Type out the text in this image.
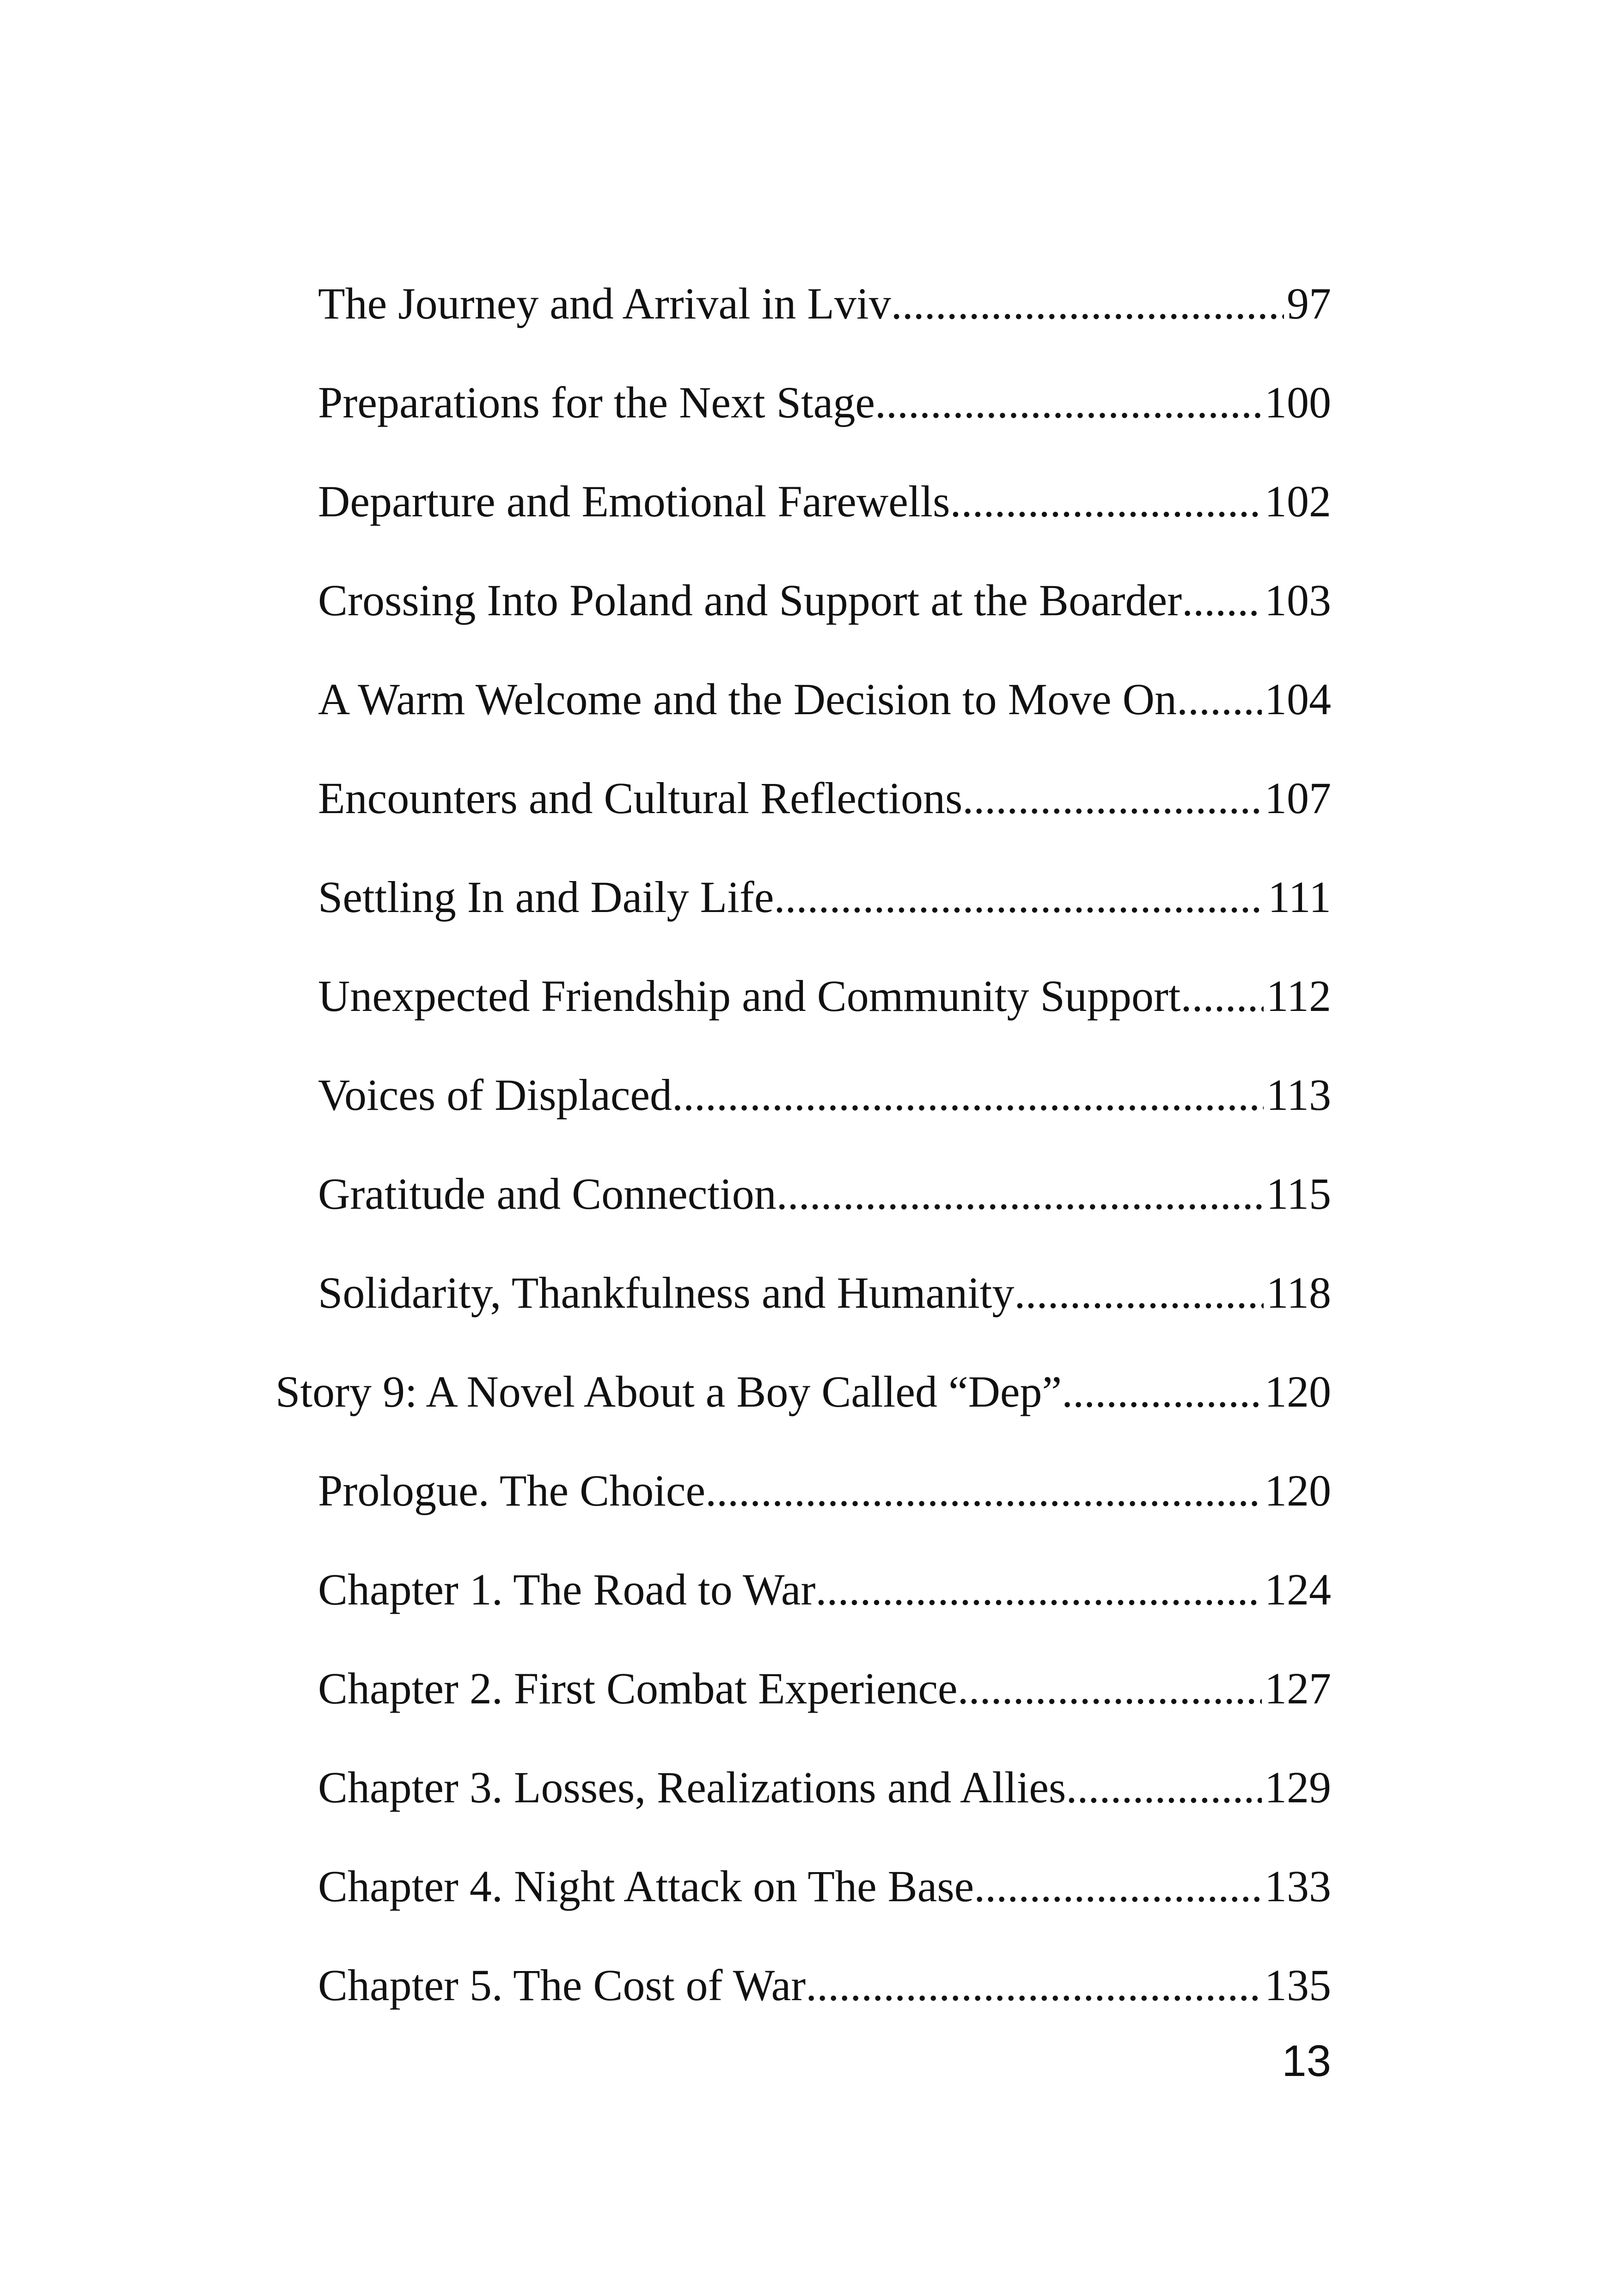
The Journey and Arrival in Lviv .....	97
Preparations for the Next Stage .....	100
Departure and Emotional Farewells .....	102
Crossing Into Poland and Support at the Boarder ..... 103
A Warm Welcome and the Decision to Move On ..... 104
Encounters and Cultural Reflections .....	107
Settling In and Daily Life .....	111
Unexpected Friendship and Community Support ..... 112
Voices of Displaced .....	113
Gratitude and Connection .....	115
Solidarity, Thankfulness and Humanity .....	118
Story 9: A Novel About a Boy Called “Dep” .....	120
Prologue. The Choice .....	120
Chapter 1. The Road to War .....	124
Chapter 2. First Combat Experience .....	127
Chapter 3. Losses, Realizations and Allies .....	129
Chapter 4. Night Attack on The Base .....	133
Chapter 5. The Cost of War .....	135
13
